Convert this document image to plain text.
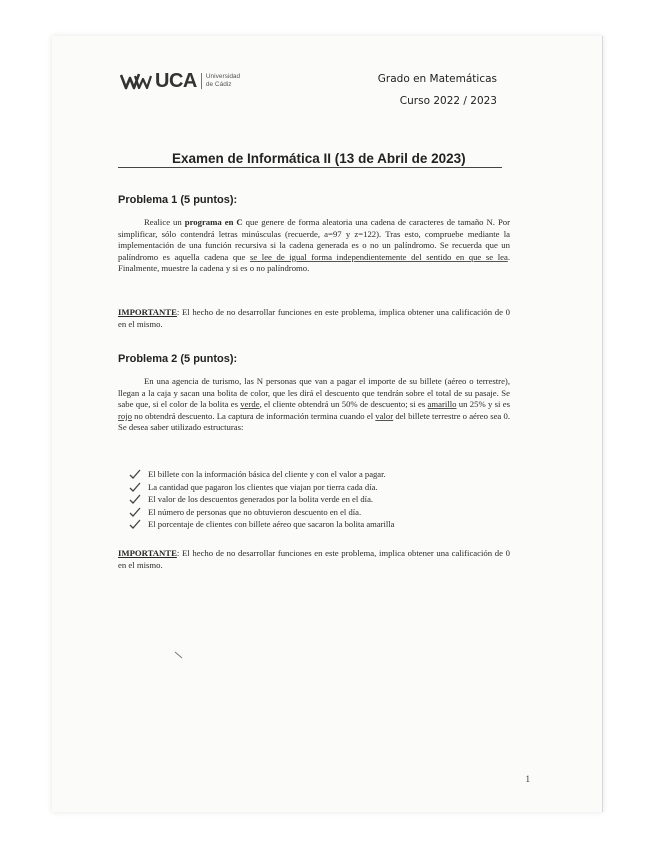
UCA Universidad
de Cádiz	Grado en Matemáticas
Curso 2022 / 2023
Examen de Informática II (13 de Abril de 2023)
Problema 1 (5 puntos):

Realice un programa en C que genere de forma aleatoria una cadena de caracteres de tamaño N. Por simplificar, sólo contendrá letras minúsculas (recuerde, a=97 y z=122). Tras esto, compruebe mediante la implementación de una función recursiva si la cadena generada es o no un palíndromo. Se recuerda que un palíndromo es aquella cadena que se lee de igual forma independientemente del sentido en que se lea. Finalmente, muestre la cadena y si es o no palíndromo.

IMPORTANTE: El hecho de no desarrollar funciones en este problema, implica obtener una calificación de 0 en el mismo.

Problema 2 (5 puntos):

En una agencia de turismo, las N personas que van a pagar el importe de su billete (aéreo o terrestre), llegan a la caja y sacan una bolita de color, que les dirá el descuento que tendrán sobre el total de su pasaje. Se sabe que, si el color de la bolita es verde, el cliente obtendrá un 50% de descuento; si es amarillo un 25% y si es rojo no obtendrá descuento. La captura de información termina cuando el valor del billete terrestre o aéreo sea 0. Se desea saber utilizado estructuras:

El billete con la información básica del cliente y con el valor a pagar.
La cantidad que pagaron los clientes que viajan por tierra cada día.
El valor de los descuentos generados por la bolita verde en el día.
El número de personas que no obtuvieron descuento en el día.
El porcentaje de clientes con billete aéreo que sacaron la bolita amarilla

IMPORTANTE: El hecho de no desarrollar funciones en este problema, implica obtener una calificación de 0 en el mismo.

1
